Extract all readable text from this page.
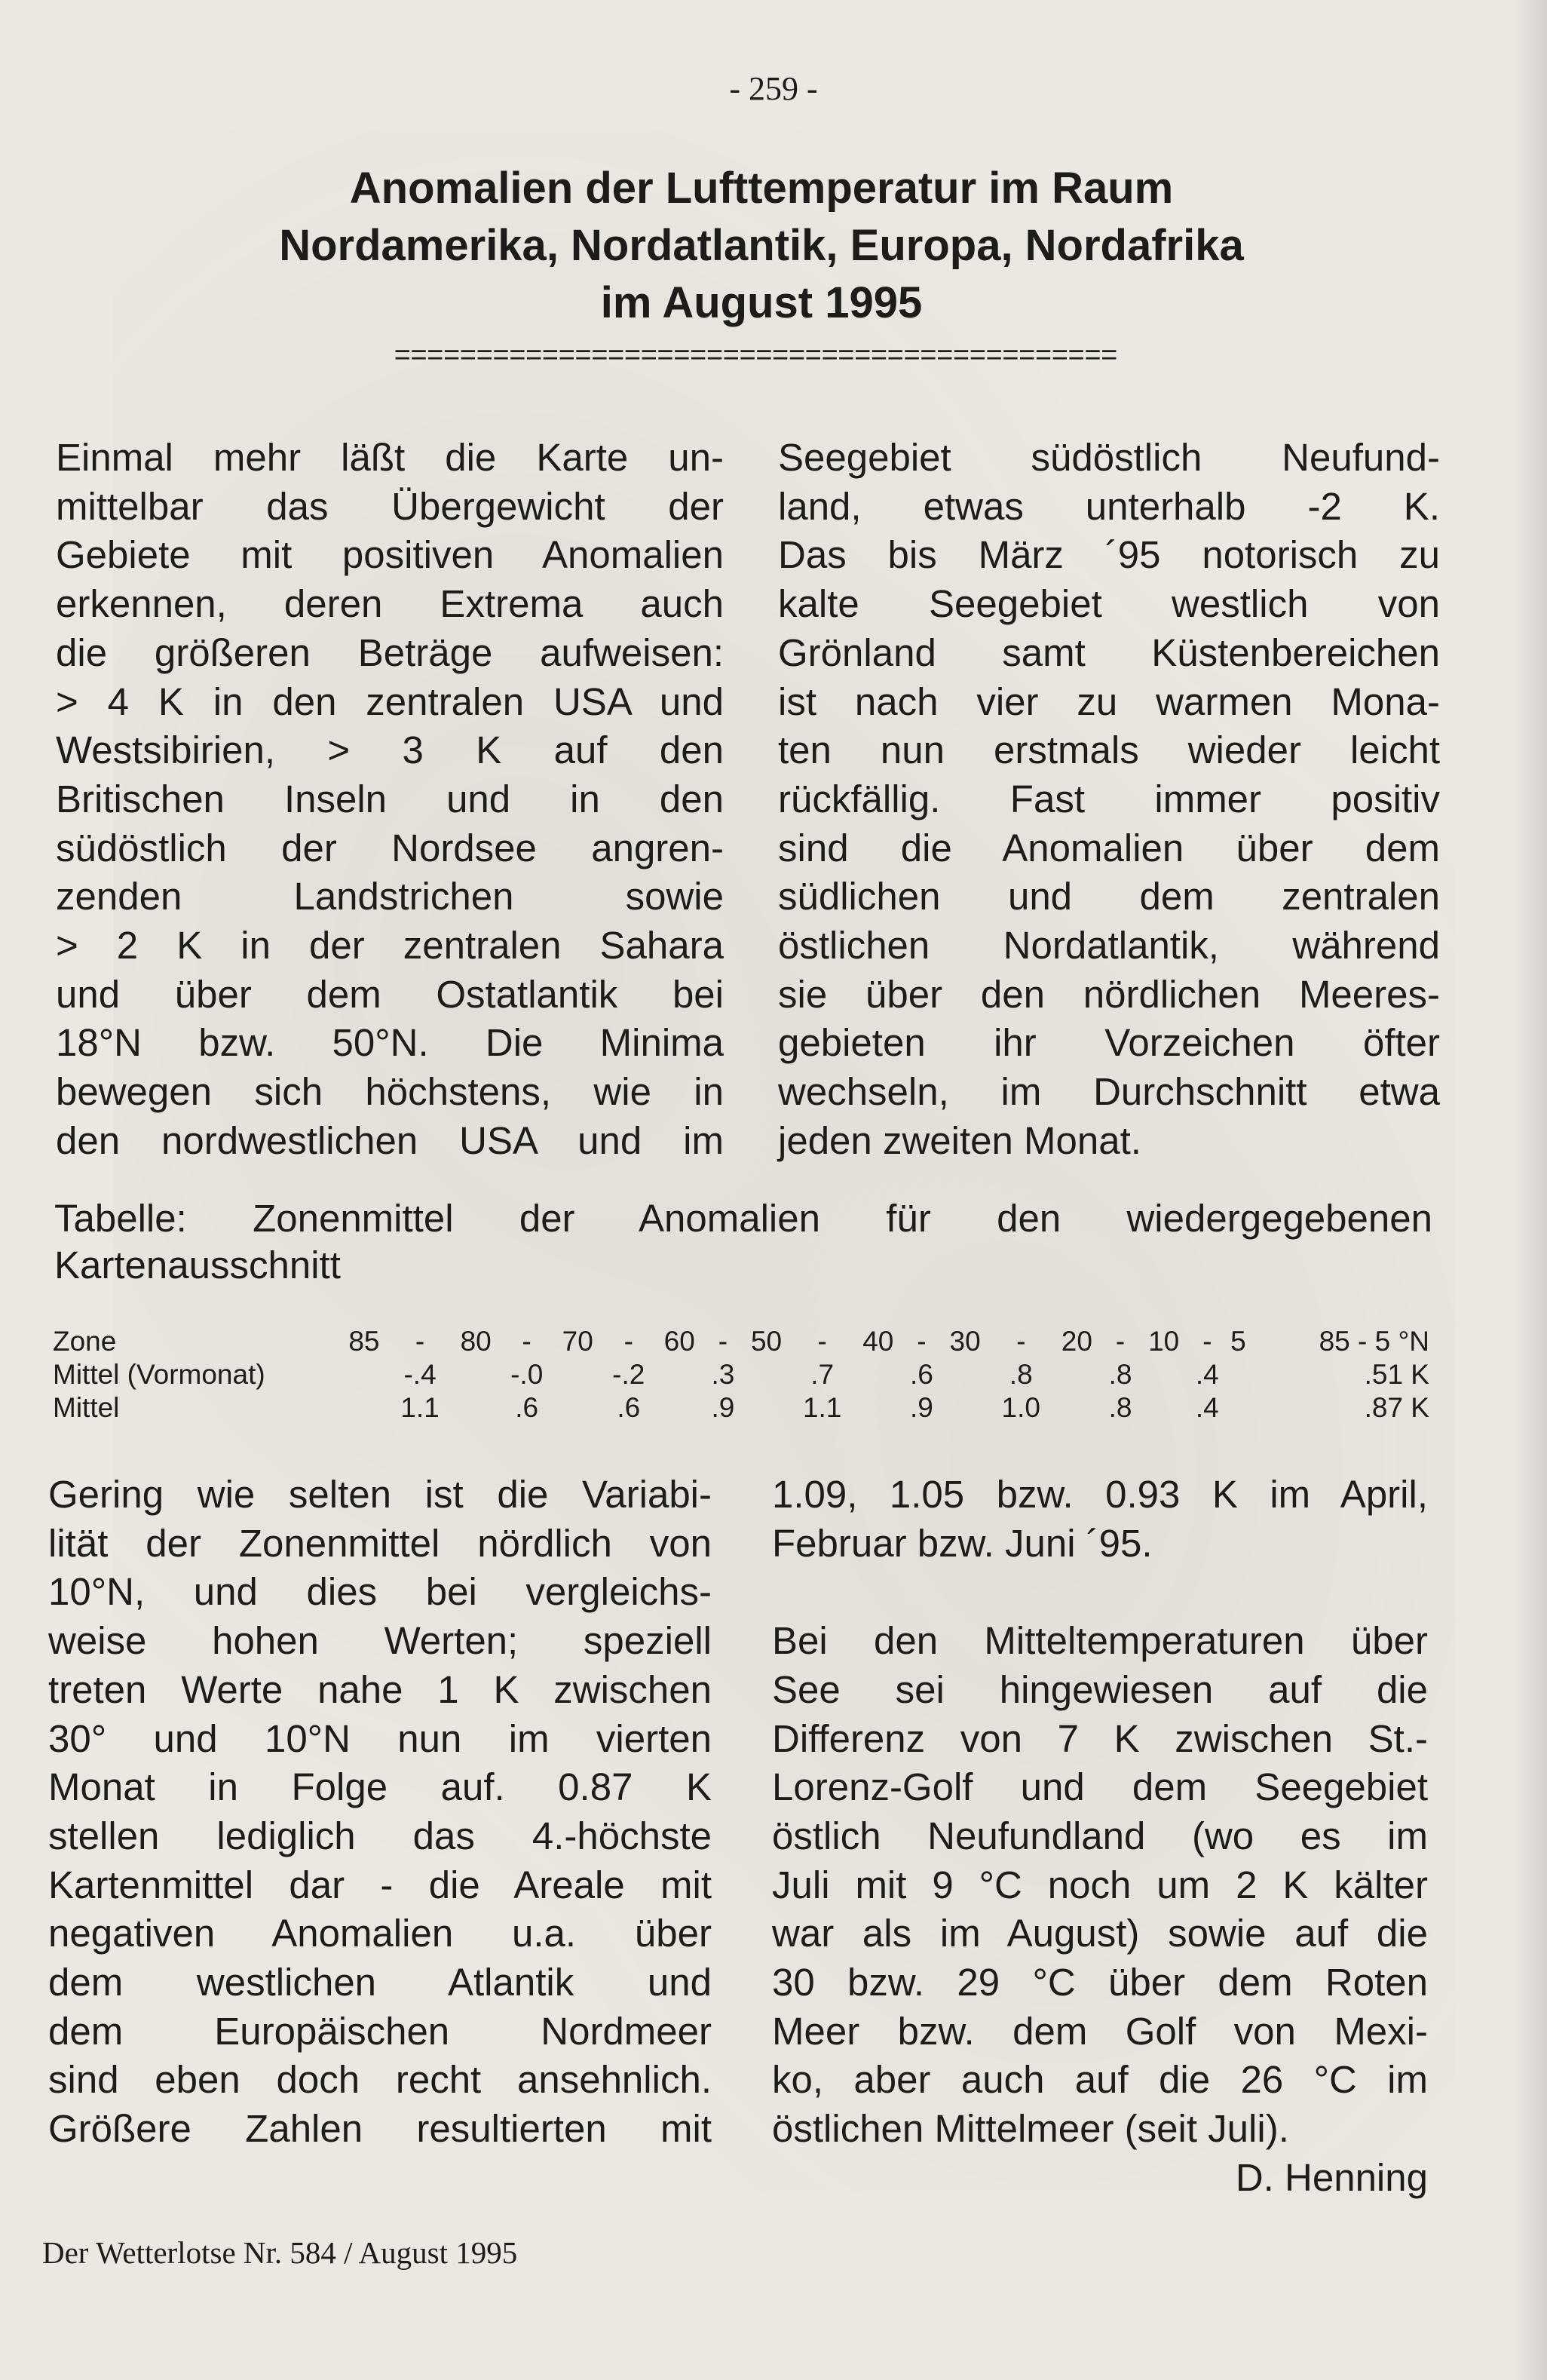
- 259 -
Anomalien der Lufttemperatur im Raum
Nordamerika, Nordatlantik, Europa, Nordafrika
im August 1995
============================================
Einmal mehr läßt die Karte un-
mittelbar das Übergewicht der
Gebiete mit positiven Anomalien
erkennen, deren Extrema auch
die größeren Beträge aufweisen:
> 4 K in den zentralen USA und
Westsibirien, > 3 K auf den
Britischen Inseln und in den
südöstlich der Nordsee angren-
zenden Landstrichen sowie
> 2 K in der zentralen Sahara
und über dem Ostatlantik bei
18°N bzw. 50°N. Die Minima
bewegen sich höchstens, wie in
den nordwestlichen USA und im
Seegebiet südöstlich Neufund-
land, etwas unterhalb -2 K.
Das bis März ´95 notorisch zu
kalte Seegebiet westlich von
Grönland samt Küstenbereichen
ist nach vier zu warmen Mona-
ten nun erstmals wieder leicht
rückfällig. Fast immer positiv
sind die Anomalien über dem
südlichen und dem zentralen
östlichen Nordatlantik, während
sie über den nördlichen Meeres-
gebieten ihr Vorzeichen öfter
wechseln, im Durchschnitt etwa
jeden zweiten Monat.
Tabelle: Zonenmittel der Anomalien für den wiedergegebenen
Kartenausschnitt
Zone	85	-	80	-	70	-	60	-	50	-	40	-	30	-	20	-	10	-	5	85 - 5 °N
Mittel (Vormonat)		-.4		-.0		-.2		.3		.7		.6		.8		.8		.4		.51 K
Mittel		1.1		.6		.6		.9		1.1		.9		1.0		.8		.4		.87 K
Gering wie selten ist die Variabi-
lität der Zonenmittel nördlich von
10°N, und dies bei vergleichs-
weise hohen Werten; speziell
treten Werte nahe 1 K zwischen
30° und 10°N nun im vierten
Monat in Folge auf. 0.87 K
stellen lediglich das 4.-höchste
Kartenmittel dar - die Areale mit
negativen Anomalien u.a. über
dem westlichen Atlantik und
dem Europäischen Nordmeer
sind eben doch recht ansehnlich.
Größere Zahlen resultierten mit
1.09, 1.05 bzw. 0.93 K im April,
Februar bzw. Juni ´95.
Bei den Mitteltemperaturen über
See sei hingewiesen auf die
Differenz von 7 K zwischen St.-
Lorenz-Golf und dem Seegebiet
östlich Neufundland (wo es im
Juli mit 9 °C noch um 2 K kälter
war als im August) sowie auf die
30 bzw. 29 °C über dem Roten
Meer bzw. dem Golf von Mexi-
ko, aber auch auf die 26 °C im
östlichen Mittelmeer (seit Juli).
D. Henning
Der Wetterlotse Nr. 584 / August 1995
